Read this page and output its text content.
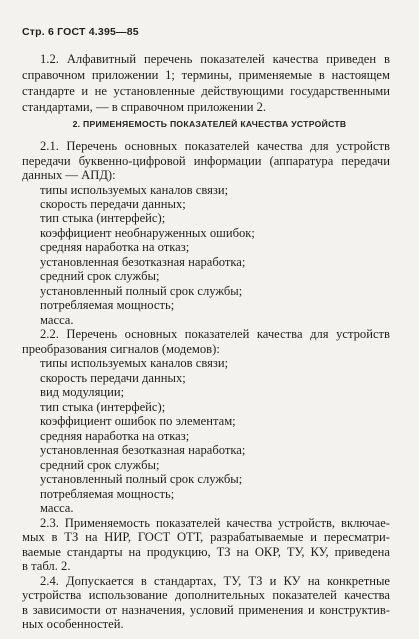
Стр. 6 ГОСТ 4.395—85
1.2. Алфавитный перечень показателей качества приведен в
справочном приложении 1; термины, применяемые в настоящем
стандарте и не установленные действующими государственными
стандартами, — в справочном приложении 2.
2. ПРИМЕНЯЕМОСТЬ ПОКАЗАТЕЛЕЙ КАЧЕСТВА УСТРОЙСТВ
2.1. Перечень основных показателей качества для устройств
передачи буквенно-цифровой информации (аппаратура передачи
данных — АПД):
типы используемых каналов связи;
скорость передачи данных;
тип стыка (интерфейс);
коэффициент необнаруженных ошибок;
средняя наработка на отказ;
установленная безотказная наработка;
средний срок службы;
установленный полный срок службы;
потребляемая мощность;
масса.
2.2. Перечень основных показателей качества для устройств
преобразования сигналов (модемов):
типы используемых каналов связи;
скорость передачи данных;
вид модуляции;
тип стыка (интерфейс);
коэффициент ошибок по элементам;
средняя наработка на отказ;
установленная безотказная наработка;
средний срок службы;
установленный полный срок службы;
потребляемая мощность;
масса.
2.3. Применяемость показателей качества устройств, включае-
мых в ТЗ на НИР, ГОСТ ОТТ, разрабатываемые и пересматри-
ваемые стандарты на продукцию, ТЗ на ОКР, ТУ, КУ, приведена
в табл. 2.
2.4. Допускается в стандартах, ТУ, ТЗ и КУ на конкретные
устройства использование дополнительных показателей качества
в зависимости от назначения, условий применения и конструктив-
ных особенностей.
